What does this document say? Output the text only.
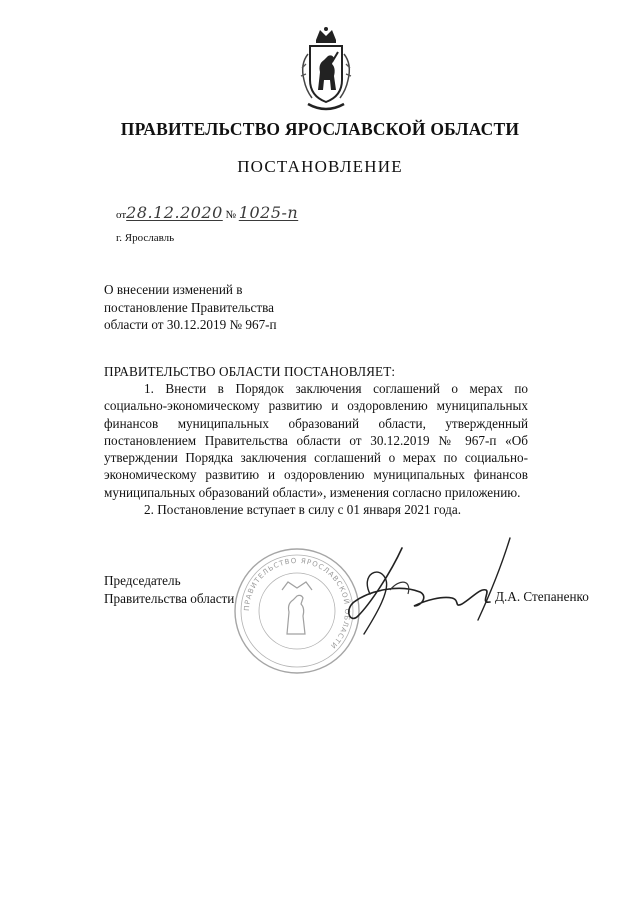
ПРАВИТЕЛЬСТВО ЯРОСЛАВСКОЙ ОБЛАСТИ
ПОСТАНОВЛЕНИЕ
от28.12.2020 № 1025-п
г. Ярославль
О внесении изменений в
постановление Правительства
области от 30.12.2019 № 967-п
ПРАВИТЕЛЬСТВО ОБЛАСТИ ПОСТАНОВЛЯЕТ:

1. Внести в Порядок заключения соглашений о мерах по социально-экономическому развитию и оздоровлению муниципальных финансов муниципальных образований области, утвержденный постановлением Правительства области от 30.12.2019 № 967-п «Об утверждении Порядка заключения соглашений о мерах по социально-экономическому развитию и оздоровлению муниципальных финансов муниципальных образований области», изменения согласно приложению.

2. Постановление вступает в силу с 01 января 2021 года.

ПРАВИТЕЛЬСТВО ЯРОСЛАВСКОЙ ОБЛАСТИ
Председатель
Правительства области	Д.А. Степаненко
